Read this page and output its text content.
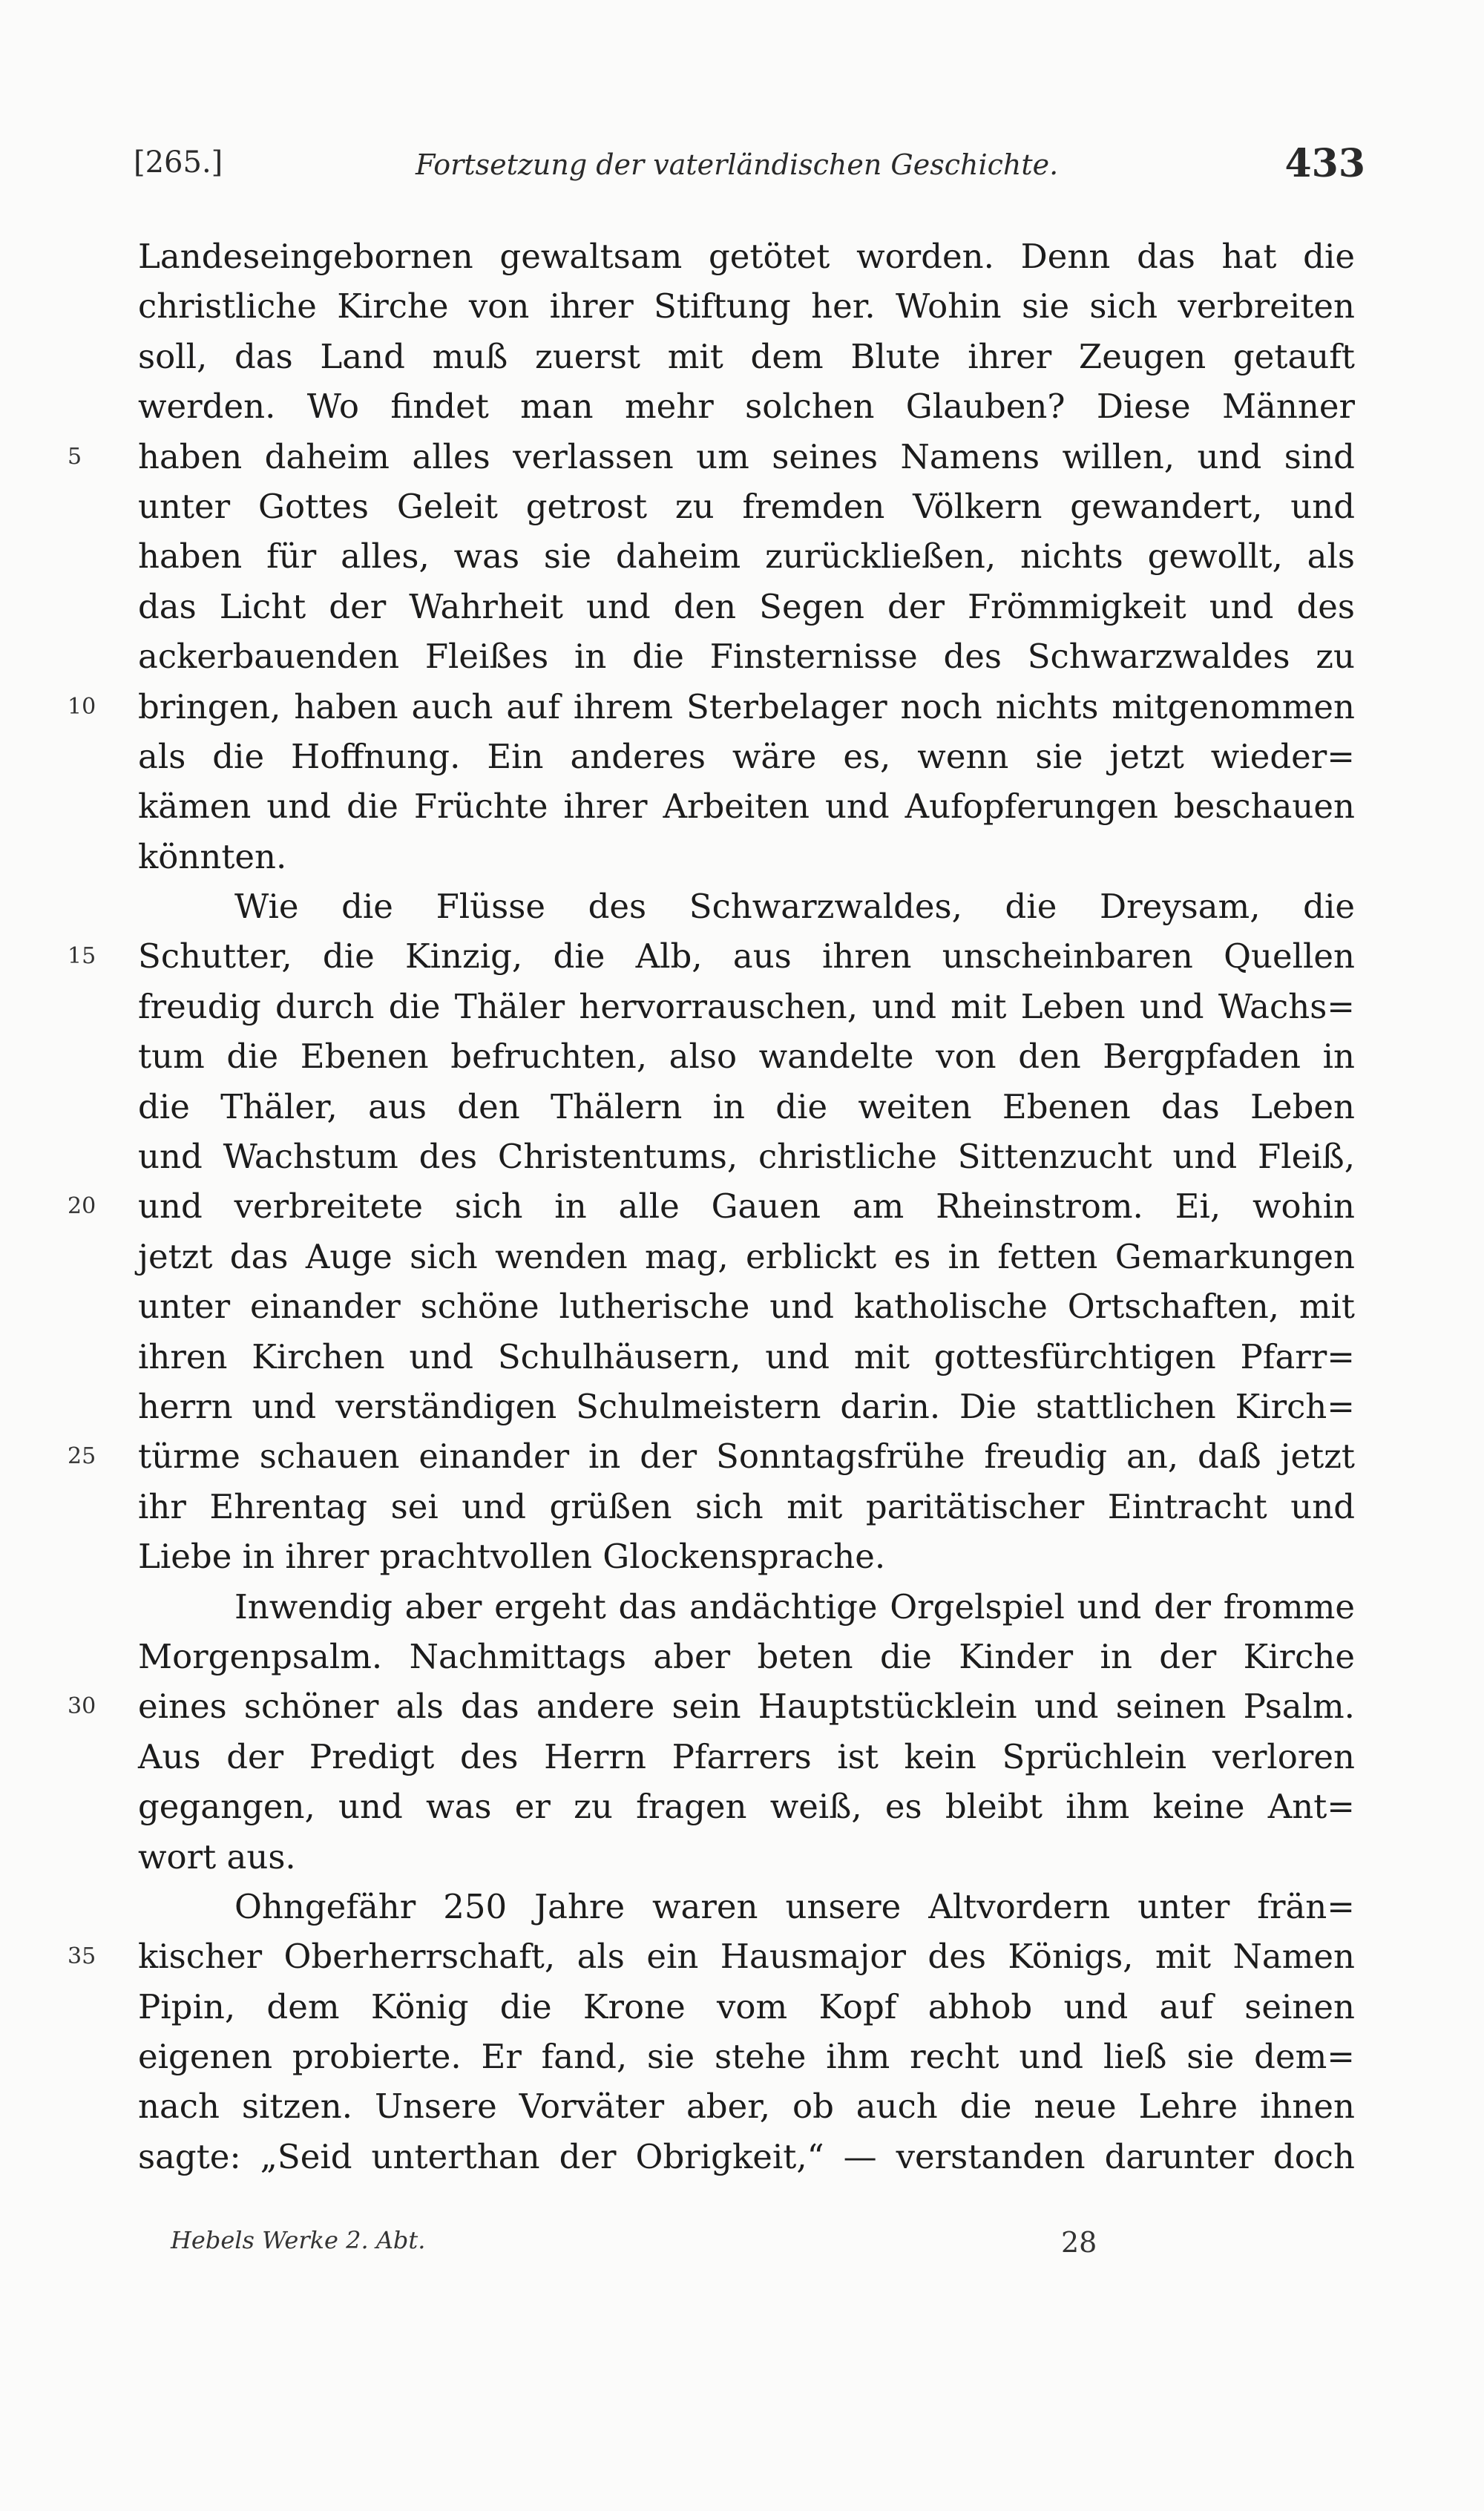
[265.]	Fortsetzung der vaterländischen Geschichte.	433
Landeseingebornen gewaltsam getötet worden. Denn das hat die
christliche Kirche von ihrer Stiftung her. Wohin sie sich verbreiten
soll, das Land muß zuerst mit dem Blute ihrer Zeugen getauft
werden. Wo findet man mehr solchen Glauben? Diese Männer
5	haben daheim alles verlassen um seines Namens willen, und sind
unter Gottes Geleit getrost zu fremden Völkern gewandert, und
haben für alles, was sie daheim zurückließen, nichts gewollt, als
das Licht der Wahrheit und den Segen der Frömmigkeit und des
ackerbauenden Fleißes in die Finsternisse des Schwarzwaldes zu
10	bringen, haben auch auf ihrem Sterbelager noch nichts mitgenommen
als die Hoffnung. Ein anderes wäre es, wenn sie jetzt wieder=
kämen und die Früchte ihrer Arbeiten und Aufopferungen beschauen
könnten.
Wie die Flüsse des Schwarzwaldes, die Dreysam, die
15	Schutter, die Kinzig, die Alb, aus ihren unscheinbaren Quellen
freudig durch die Thäler hervorrauschen, und mit Leben und Wachs=
tum die Ebenen befruchten, also wandelte von den Bergpfaden in
die Thäler, aus den Thälern in die weiten Ebenen das Leben
und Wachstum des Christentums, christliche Sittenzucht und Fleiß,
20	und verbreitete sich in alle Gauen am Rheinstrom. Ei, wohin
jetzt das Auge sich wenden mag, erblickt es in fetten Gemarkungen
unter einander schöne lutherische und katholische Ortschaften, mit
ihren Kirchen und Schulhäusern, und mit gottesfürchtigen Pfarr=
herrn und verständigen Schulmeistern darin. Die stattlichen Kirch=
25	türme schauen einander in der Sonntagsfrühe freudig an, daß jetzt
ihr Ehrentag sei und grüßen sich mit paritätischer Eintracht und
Liebe in ihrer prachtvollen Glockensprache.
Inwendig aber ergeht das andächtige Orgelspiel und der fromme
Morgenpsalm. Nachmittags aber beten die Kinder in der Kirche
30	eines schöner als das andere sein Hauptstücklein und seinen Psalm.
Aus der Predigt des Herrn Pfarrers ist kein Sprüchlein verloren
gegangen, und was er zu fragen weiß, es bleibt ihm keine Ant=
wort aus.
Ohngefähr 250 Jahre waren unsere Altvordern unter frän=
35	kischer Oberherrschaft, als ein Hausmajor des Königs, mit Namen
Pipin, dem König die Krone vom Kopf abhob und auf seinen
eigenen probierte. Er fand, sie stehe ihm recht und ließ sie dem=
nach sitzen. Unsere Vorväter aber, ob auch die neue Lehre ihnen
sagte: „Seid unterthan der Obrigkeit,“ — verstanden darunter doch
Hebels Werke 2. Abt.	28
